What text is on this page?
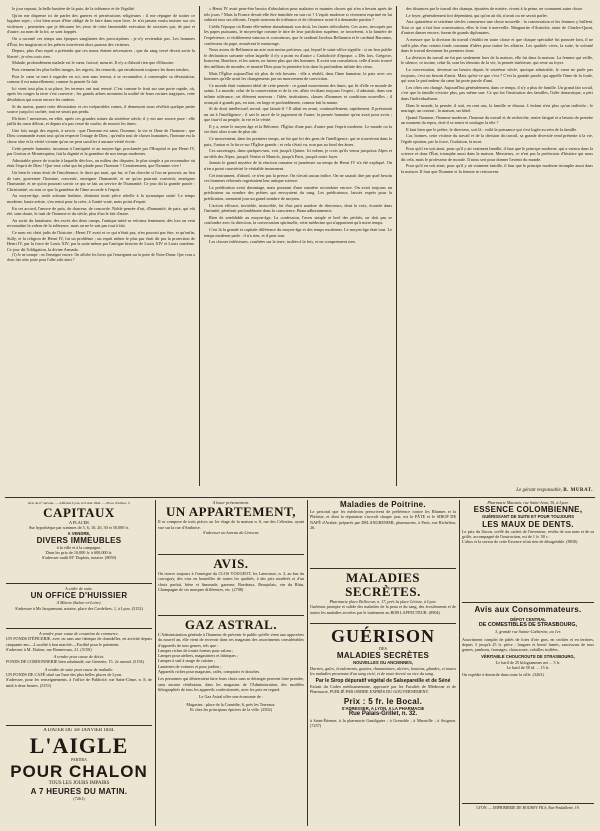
le jour reparut, la belle lumière de la paix, de la tolérance et de l'égalité.

Qu'on me dispense ici de parler des guerres et persécutions religieuses : il me répugne de traiter ce lugubre sujet ; c'est bien assez d'être obligé de le faire dans mon livre. Je n'ai jamais voulu insister sur ces violences ; permettez que je détourne les yeux de cette lamentable exécution de sectaires qui, de part et d'autre, au nom de la foi, se sont frappés.

On a raconté ces temps aux époques sanglantes des proscriptions ; je n'y reviendrai pas. Les hommes d'État, les magistrats et les prêtres trouvèrent alors partout des victimes.

Depuis, plus d'un esprit a prétendu que ces maux étaient nécessaires ; que du sang versé devait sortir la liberté ; je n'en crois rien.

Malade, profondément malade est le cœur, froissé, meurtri. Il n'y a d'abord rien que d'illusoire.

Puis viennent les plus belles images, les regrets, les remords, qui envahissent toujours les âmes tendres.

Puis le cœur se met à regarder en soi, non sans terreur, à se reconnaître, à contempler sa dévastation, comme il est naturellement, comme la pensée l'a fait.

Ici vient tout plus à sa place, les terreurs ont tout remué. C'est comme le fruit sur une porte rapide, où, après les orages la terre s'est couverte ; les grands arbres montrent la nudité de leurs racines tragiques, cette désolation qui ouvre encore les ombres.

Si du moins, parmi cette dévastation et ces irréparables ruines, il demeurait nous révélait quelque petite source jusqu'ici cachée, tout ne serait pas perdu.

Eh bien ! messieurs, en effet, après ces grandes ruines du seizième siècle, il y eut une source pure ; elle jaillit du cœur délicat, et depuis n'a pas cessé de couler, de nourrir les âmes.

Une fois surgit des regrets, à savoir : que l'homme est saint, l'homme, la vie et l'âme de l'homme ; que Dieu commande avant tout qu'on respecte l'image de Dieu ; qu'enfin tout de choses humaines, l'homme est la chose sûre et la vérité vivante qu'on ne peut sacrifier à aucune vérité écrite.

Cette pensée humaine, inconnue à l'antiquité et au moyen-âge, proclamée par l'Hospital et par Henri IV, par Grotius et Montesquieu, fait la dignité et la grandeur de nos temps modernes.

Admirable pierre de touche à laquelle dès-lors, au milieu des disputes, le plus simple a pu reconnaître où était l'esprit de Dieu ! Que veut celui qui lui plaide pour l'homme ? Certainement, que l'homme vive !

Un bien le vieux droit de l'intolérance, le droit qui tuait, qui fut, et l'un cherche si l'on ne pouvait, au lieu de tuer, gouverner l'homme, convertir, enseigner l'humanité, et ne qu'on pourrait convertir, enseigner l'humanité, et ne qu'on pourrait savoir ce qui se fait au service de l'humanité. Ce jour dit la grande parole : Christianité, ou tout ce que la grandeur de l'âme accorde à l'esprit.

Au moyen-âge, seule artisane barbare, obstinait toute pièce rebelle à la tyrannique unité. Le temps moderne, haute artiste, s'en remit pour la créer, à l'unité vraie, mais point d'esprit.

En cet accord, l'œuvre de paix, de douceur, de concorde. Noble pensée d'art, d'humanité, de paix, qui eût été, sans doute, le trait de l'homme et du siècle, plus d'un le fait d'autre.

Au sortir du fanatisme, des excès des deux camps, l'antique unité se reforma lentement, dès lors on veut reconnaître la valeur de la tolérance, mais on ne le sait pas tout à fait.

Ce nom est chéri jadis de l'histoire ; Henri IV avait et ce qui n'était pas, n'en pouvait pas être, et qu'enfin, Sully, et la religion de Henri IV, fut un problème ; un esprit même le plus pur était dit par la protection de Henri IV, par la force de Louis XIV, par la suite même par l'antique histoire de Louis XIV et Louis onzième. Ce jour dit l'obligation, la divine Armada.

(1) Je ne trompe : on l'enseigne encore. On affiche les livres qui l'enseignent sur la porte de Notre-Dame. Que vous a donc fait cette porte pour l'aller salir ainsi ?

« Henri IV avait peut-être besoin d'absolution pour malaises et maintes choses qui n'en a besoin après de tels jours ? Mais la France devait-elle être humiliée en son roi ? L'esprit moderne si vivement exprimé en lui subirait tous ses affronts, l'esprit nouveau de tolérance et de clémence avait-il à demander pardon ?

Crédit l'époque où Rome elle-même abandonnait son droit, les fautes ridiculisées. Ces actes, invoqués par les papes puissants, le moyen-âge comme le titre de leur juridiction suprême, se trouvèrent, à la lumière de l'expérience, si visiblement vaincus et convaincus, que le cardinal Jacobus Bellarmin et le cardinal Baronius, confesseur du pape, avouèrent le mensonge.

Nous avons de Bellarmin un acte non moins précieux, qui, lequel le saint-office signifie : si on leur publie le déclaration suivante selon laquelle il n'y a point eu d'autre « Catholicité d'époque. » Dès lors, Grégoire, Innocent, Boniface, et les autres, ne furent plus que des hommes. Il avait son consolation, celle d'avoir trouvé des millions de mondes, et montré Dieu pour la première fois dans la profondeur infinie des cieux.

Mais l'Église aujourd'hui n'a plus de tels besoins : elle a rétabli, dans l'âme humaine, la paix avec ces hommes qu'elle avait les changements par un mouvement de conviction.

Ce monde était vraiment idéal de cette pensée : ce grand mouvement des âmes, qui fit d'elle ce monde de saints. Le monde, celui de la conservation et de la vie, allait vivifiant toujours l'esprit ; il admirait, dans son infinie tolérance, cet élément nouveau : l'idée, institutions, classes d'hommes et conditions nouvelles ; il avançait à grands pas, en tout, en large et profondément, comme fait la nature.

Si de droit intellectuel, moral, que faisait-il ? Il allait en avant, continuellement, rapidement. Il présentait un art à l'intelligence ; il sait le sacré de le jugement de l'autre, la pensée humaine qu'on avait pour avoir ; que faut-il au peuple, la vie et la vérité.

Il y a, entre le moyen âge et la Réforme, l'Église d'une part, d'autre part l'esprit moderne. Le monde ou la vie était alors toute de plus sûr.

Ce mouvement, dans les premiers temps, ne fut que loi des gens de l'intelligence, qui se trouvèrent dans la paix, l'union et la force sur l'Église grande ; et cela s'était vu, non pas au fond des âmes.

Ces sauvetages, dans quelques-uns, voir jusqu'à Quinte. Ici même, je crois qu'ils venus jusqu'aux Alpes et au-delà des Alpes, jusqu'à Venise et Munich, jusqu'à Paris, jusqu'à notre foyer.

Jamais le grand mystère de la réaction romaine et janséniste au temps de Henri IV n'a été expliqué. On n'en a point caractérisé le véritable instrument.

Cet instrument, d'abord, ce n'est pas la presse. On n'avait aucun indice. On ne saurait dire par quel besoin ces hommes réformés regrettaient leur antique science.

La prédication avait davantage, mais pourtant d'une manière secondaire encore. On avait toujours un prédicateur au nombre des prêtres qui envoyaient du sang. Les prédicateurs, laissés exprès pour la prédication, menaient jour un grand nombre de moyens.

L'action efficace, invisible, invincible, fut d'un petit nombre de directeurs, dont la voix, écoutée dans l'intimité, pénétrait profondément dans la conscience. Bona adhortamentis.

Rien de semblable au moyen-âge. La confession, l'aveu simple et bref des péchés, ne doit pas se confondre avec la direction, la conversation spirituelle, cette médecine qui n'appartient qu'à notre temps.

C'est là la grande et capitale différence du moyen-âge et des temps modernes. Le moyen-âge était tout. Le temps moderne parle : il n'a rien, et il peut tout.

Les classes inférieures, courbées sur la terre, isolées à la fois, et ne comprennent rien.

des distances par le travail des champs, épuisées de misère, vivent à la peine, ne connurent autre chose.

Le foyer, généralement fort dépendant, qui qu'on ait dit, n'avait ou ne savait parler.

Aux quinzième et seizième siècles commence une chose nouvelle : la conversation et les femmes y brillent. Tout ce qui a fait leur conversation, elles le font à merveille. Marguerite d'Autriche, tante de Charles-Quint, d'autres dames encore, furent de grands diplomates.

A mesure que la division du travail s'établit en toute classe et que chaque spécialité fut poussée loin, il ne suffit plus d'un certain fonds commun d'idées pour traiter les affaires. Les qualités vives, la suite, la volonté dans le travail devinrent les premiers dons.

La division du travail ne fut pas seulement hors de la maison, elle fut dans la maison. La femme qui veille, le silence, ce moine, celui-là, sont les témoins de la vie, la pensée intérieure, qui reste au foyer.

La conversation, devenue un besoin depuis le seizième siècle, quoique admirable, le cœur ne parle pas toujours, c'est un besoin d'amis. Mais qu'est-ce que c'est ? C'est la grande parole qui appelle l'âme de la foule, qui sous la profondeur du cœur lui porte parole d'ami.

Les côtes ont changé. Aujourd'hui généralement, dans ce temps, il n'y a plus de famille. Un grand fait social, c'est que la famille n'existe plus, pas même une. Ce qui fut l'institution des familles, l'idée domestique, a péri dans l'individualisme.

Dans le monde, la pensée, il suit, en cent ans, la famille se dissout. L'enfant n'est plus qu'un individu ; le mariage, un contrat ; la maison, un hôtel.

Quand l'homme, l'homme moderne, l'homme du travail et de recherche, rentre fatigué et a besoin de prendre un moment du repos, doit-il se sentir et soulager la tête ?

Il faut bien que le prêtre, le directeur, soit là : voilà la puissance qui s'est logée au sein de la famille.

Car, bonnes, cette victime du travail et de la division du travail, sa grande diversité rend présente à la vie, l'égale opinion, par la force, l'isolation, la mort.

Pour qu'il en soit ainsi, pour qu'il y ait vraiment famille, il faut que le principe moderne, qui a vaincu dans la science et dans l'État, triomphe aussi dans la maison. Messieurs, ce n'est pas la profession d'histoire qui nous dit cela, mais le professeur de morale. Il nous sert pour donner l'avenir du monde.

Pour qu'il en soit ainsi, pour qu'il y ait vraiment famille, il faut que le principe moderne triomphe aussi dans la maison. Il faut que l'homme et la femme se retrouvent.

Le gérant responsable, B. MURAT.
Avis du n° suivant. — Affiches Lyon, le 6 mai 1844. — Place d'Albon, 5.
CAPITAUX
A PLACER
Sur hypothèque par sommes de 5, 6, 10, 20, 30 et 50,000 fr.
A VENDRE,
DIVERS IMMEUBLES
à la ville et à la campagne.
Dans les prix de 10,000 fr. à 600,000 fr.
S'adresser audit M° Duplaix, notaire. (8050)
A céder de suite.
UN OFFICE D'HUISSIER
A Mâcon (Saône-et-Loire).
S'adresser à Mr Jacquemont, notaire, place des Cordeliers, 1, à Lyon. (5152)
A vendre pour cause de cessation de commerce.
UN FONDS D'ÉPICERIE, avec ou sans une fabrique de chandelles, en activité depuis cinquante ans.—Localité à bon marché.—Facilité pour le paiement.
S'adresser à M. Dufour, rue Bonnevaux, 21. (5150)
A vendre pour cause de décès.
FONDS DE CORDONNERIE bien achalandé, rue Grenette, 15. 2e arrond. (5154)
A vendre de suite pour cause de maladie.
UN FONDS DE CAFÉ situé sur l'une des plus belles places de Lyon.
S'adresser, pour les renseignements, à l'office de Publicité, rue Saint-Côme, n. 8, de midi à deux heures. (5153)
A DATER DU 1er JANVIER 1844.
L'AIGLE
PARTIRA
POUR CHALON
TOUS LES JOURS IMPAIRS
A 7 HEURES DU MATIN.
(7261)
A louer présentement.
UN APPARTEMENT,
Il se compose de trois pièces au 1er étage de la maison n. 6, rue des Célestins, ayant vue sur la rue d'Amboise.
S'adresser au bureau du Censeur.
AVIS.
On trouve toujours à l'enseigne du CLOS VOUGEOT, les Laterrasse, n. 3, au bas du corrogory, des vins en bouteilles de toutes les qualités, à des prix modérés et d'un choix parfait, bière et limonade, gazeuse, Bordeaux, Beaujolais, vin du Rhin, Champagne de six marques différentes, etc. (2708)
GAZ ASTRAL.
L'Administration générale à l'honneur de prévenir le public qu'elle vient aux approches du nouvel an, elle vient de recevoir dans ses magasins des assortiments considérables d'appareils de tous genres, tels que :
Lampes riches de toutes formes pour salons ;
Lampes pour ateliers, magasiniers et fabriques ;
Lampes à suif à usage de cuisine ;
Lanternes de voitures et pour jardins ;
Appareils riches pour magasins, cafés, comptoirs et douches.
Les personnes qui désireraient faire leurs choix sans se déranger peuvent faire prendre, sans aucune rétribution, dans les magasins de l'Administration, des modèles lithographiés de tous les appareils confectionnés, avec les prix en regard.
Le Gaz Astral offre une économie de :
Magasins : place de la Comédie, 6, près les Terreaux.
Et chez les principaux épiciers de la ville. (2502)
Maladies de Poitrine.
Le pectoral que les médecins prescrivent de préférence contre les Rhumes et la Phthisie, et dont la réputation s'accroît chaque jour, est la PÂTE et le SIROP DE NAFÉ d'Arabie, préparés par DELANGRENIER, pharmacien, à Paris, rue Richelieu, 26.
MALADIES SECRÈTES.
Pharmacie place Bellecour, n. 17, près la place Léviste, à Lyon.
Guérison prompte et solide des maladies de la peau et du sang, des écoulements et de toutes les maladies secrètes par le traitement au ROB LAFFECTEUR. (8904)
GUÉRISON
DES
MALADIES SECRÈTES
NOUVELLES OU ANCIENNES,
Dartres, gales, écoulements, gouttes, rhumatismes, ulcères, boutons, glandes, et toutes les maladies provenant d'un sang vicié, et de toute âcreté ou vice du sang.
Par le Sirop dépuratif végétal de Salsepareille et de Séné
Extrait du Codex médicamentaire, approuvé par les Facultés de Médecine et de Pharmacie, PUBLIÉ PAR ORDRE EXPRÈS DU GOUVERNEMENT.
Prix : 5 fr. le Bocal.
S'ADRESSER, A LYON, A LA PHARMACIE
Rue Palais-Grillet, n. 32.
à Saint-Étienne, à la pharmacie Gaudiguier ; à Grenoble ; à Marseille ; à Avignon. (7257)
Pharmacie Mauvais, rue Saint-Jean, 30, à Lyon.
ESSENCE COLOMBIENNE,
GUÉRISSANT DE SUITE ET POUR TOUJOURS
LES MAUX DE DENTS.
Le prix du flacon, scellé du cachet de l'inventeur, revêtu de son nom et de sa griffe, accompagné de l'instruction, est de 1 fr. 50 c.
L'abus et la saveur de cette Essence n'ont rien de désagréable. (8830)
Avis aux Consommateurs.
DÉPOT CENTRAL
DE COMESTIBLES DE STRASBOURG,
3, grande rue Sainte-Catherine, au 1er.
Assortiment complet de pâtés de foies d'oie gras, en croûtes et en terrines, depuis 3 jusqu'à 25 fr. pièce ; langues et boeuf fumés, saucissons de tous genres, jambons, fromages, choucroute, volailles truffées.
VÉRITABLE CHOUCROUTE DE STRASBOURG,
Le baril de 25 kilogrammes net ... 5 fr.
Le baril de 50 id. ... 15 fr.
On expédie à domicile dans toute la ville. (3263)
LYON. — IMPRIMERIE DE BOURSY FILS, Rue Poulaillerie, 19.
